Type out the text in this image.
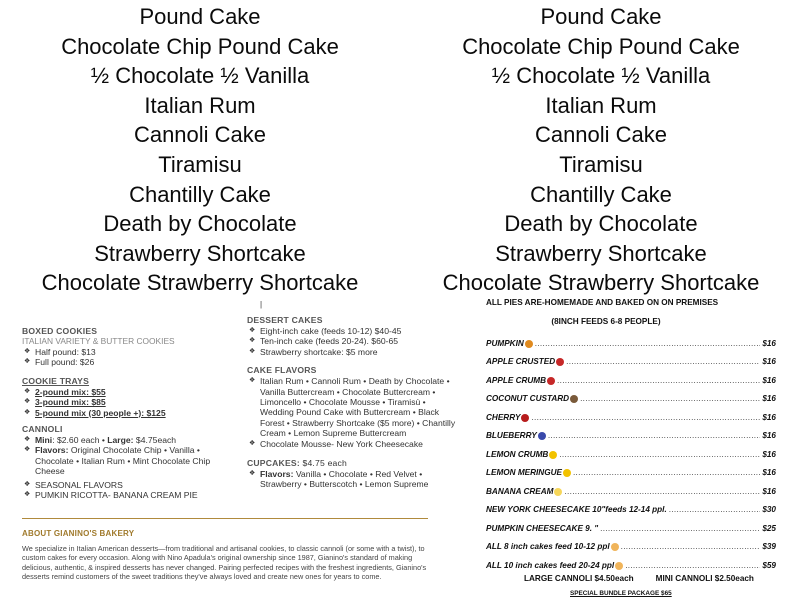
Pound Cake
Chocolate Chip Pound Cake
½ Chocolate ½ Vanilla
Italian Rum
Cannoli Cake
Tiramisu
Chantilly Cake
Death by Chocolate
Strawberry Shortcake
Chocolate Strawberry Shortcake
Pound Cake
Chocolate Chip Pound Cake
½ Chocolate ½ Vanilla
Italian Rum
Cannoli Cake
Tiramisu
Chantilly Cake
Death by Chocolate
Strawberry Shortcake
Chocolate Strawberry Shortcake
BOXED COOKIES
ITALIAN VARIETY & BUTTER COOKIES
❖ Half pound: $13
❖ Full pound: $26
COOKIE TRAYS
❖ 2-pound mix: $55
❖ 3-pound mix: $85
❖ 5-pound mix (30 people +): $125
CANNOLI
❖ Mini: $2.60 each • Large: $4.75each
❖ Flavors: Original Chocolate Chip • Vanilla • Chocolate • Italian Rum • Mint Chocolate Chip Cheese
❖ SEASONAL FLAVORS
❖ PUMKIN RICOTTA- BANANA CREAM PIE
|
DESSERT CAKES
❖ Eight-inch cake (feeds 10-12) $40-45
❖ Ten-inch cake (feeds 20-24). $60-65
❖ Strawberry shortcake: $5 more
CAKE FLAVORS
❖ Italian Rum • Cannoli Rum • Death by Chocolate • Vanilla Buttercream • Chocolate Buttercream • Limoncello • Chocolate Mousse • Tiramisù • Wedding Pound Cake with Buttercream • Black Forest • Strawberry Shortcake ($5 more) • Chantilly Cream • Lemon Supreme Buttercream
❖ Chocolate Mousse- New York Cheesecake
CUPCAKES: $4.75 each
❖ Flavors: Vanilla • Chocolate • Red Velvet • Strawberry • Butterscotch • Lemon Supreme
ABOUT GIANINO'S BAKERY
We specialize in Italian American desserts—from traditional and artisanal cookies, to classic cannoli (or some with a twist), to custom cakes for every occasion. Along with Nino Apadula's original ownership since 1987, Gianino's standard of making delicious, authentic, & inspired desserts has never changed. Pairing perfected recipes with the freshest ingredients, Gianino's desserts remind customers of the sweet traditions they've always loved and create new ones for years to come.
ALL PIES ARE-HOMEMADE AND BAKED ON ON PREMISES
(8INCH FEEDS 6-8 PEOPLE)
PUMPKIN .....	$16
APPLE CRUSTED .....	$16
APPLE CRUMB .....	$16
COCONUT CUSTARD .....	$16
CHERRY .....	$16
BLUEBERRY .....	$16
LEMON CRUMB .....	$16
LEMON MERINGUE .....	$16
BANANA CREAM .....	$16
NEW YORK CHEESECAKE 10"feeds 12-14 ppl. .....	$30
PUMPKIN CHEESECAKE 9. " .....	$25
ALL 8 inch cakes feed 10-12 ppl .....	$39
ALL 10 inch cakes feed 20-24 ppl .....	$59
LARGE CANNOLI $4.50each	MINI CANNOLI $2.50each
SPECIAL BUNDLE PACKAGE $65
